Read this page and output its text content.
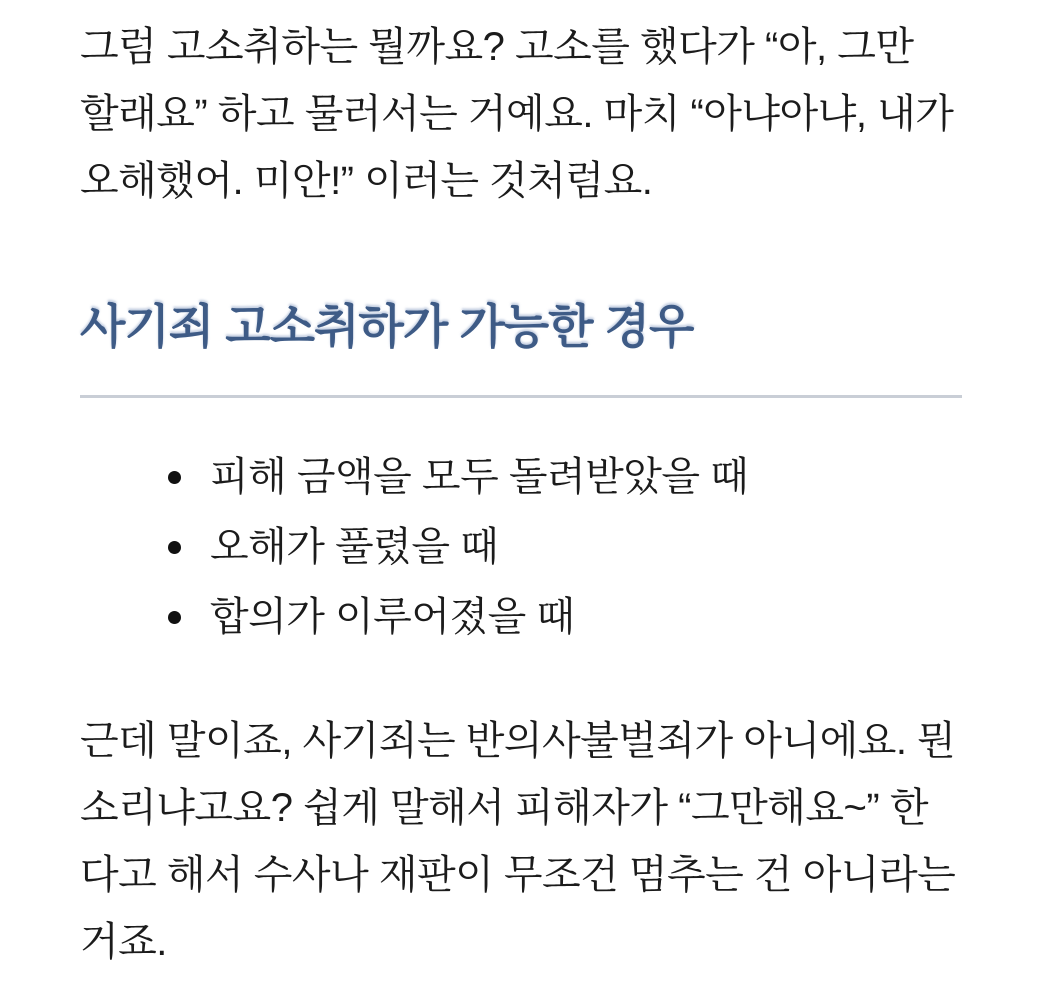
그럼 고소취하는 뭘까요? 고소를 했다가 “아, 그만 할래요” 하고 물러서는 거예요. 마치 “아냐아냐, 내가 오해했어. 미안!” 이러는 것처럼요.

사기죄 고소취하가 가능한 경우
피해 금액을 모두 돌려받았을 때
오해가 풀렸을 때
합의가 이루어졌을 때

근데 말이죠, 사기죄는 반의사불벌죄가 아니에요. 뭔 소리냐고요? 쉽게 말해서 피해자가 “그만해요~” 한다고 해서 수사나 재판이 무조건 멈추는 건 아니라는 거죠.
